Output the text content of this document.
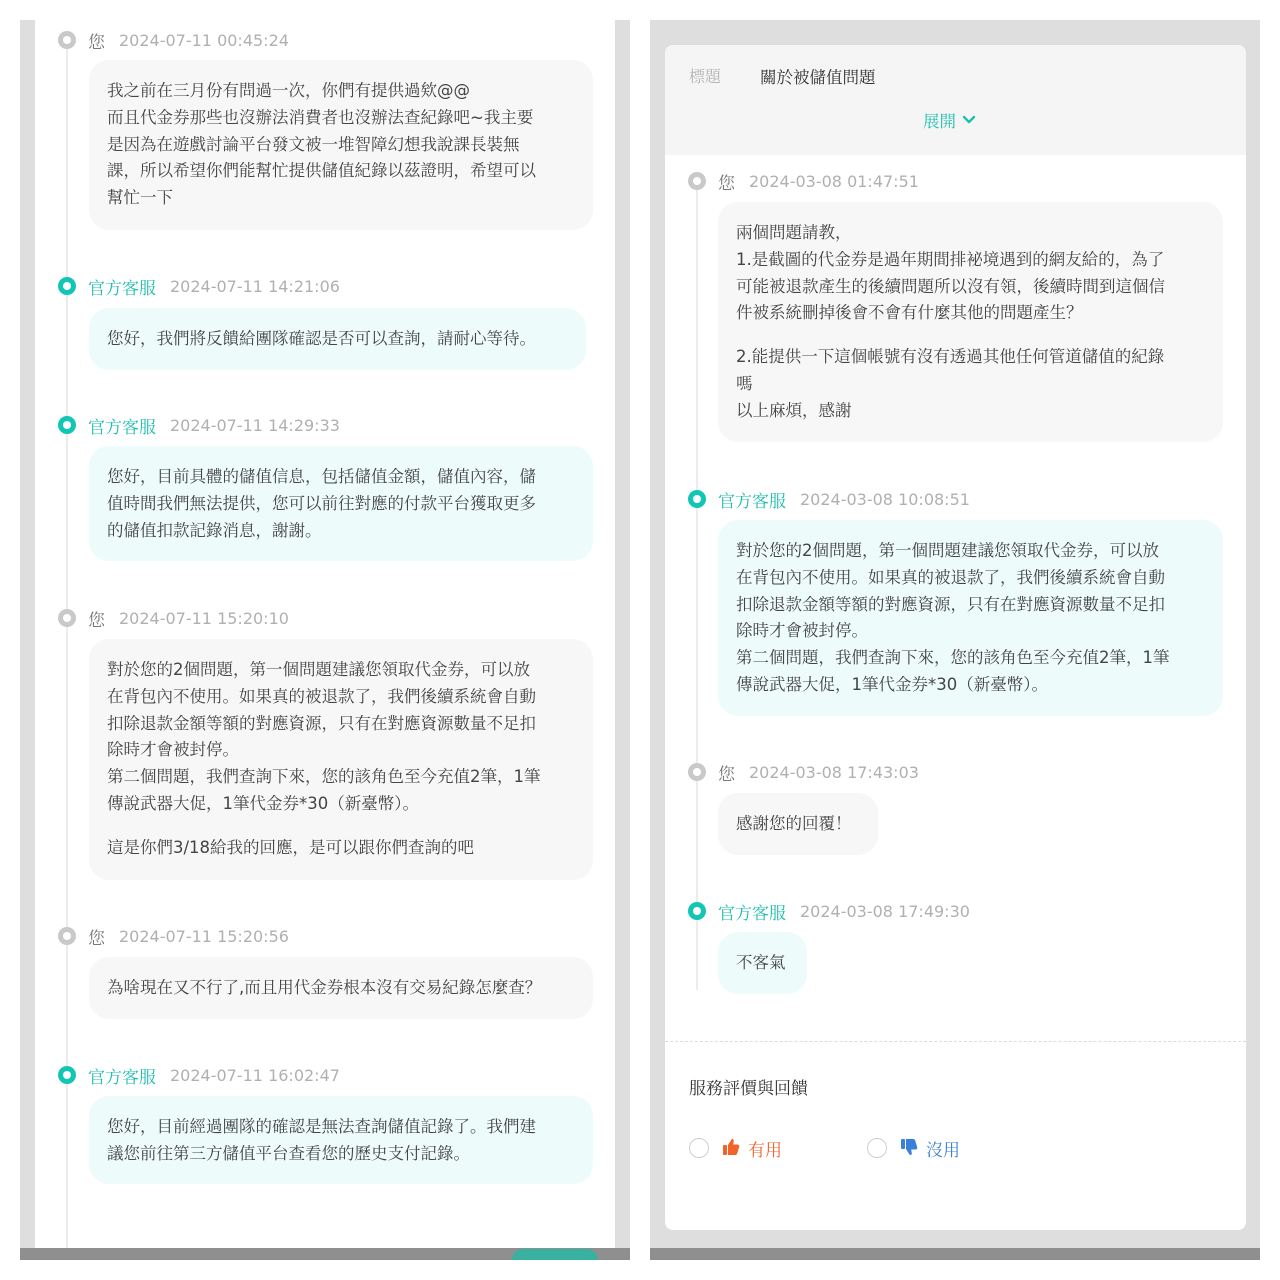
您 2024-07-11 00:45:24

我之前在三月份有問過一次，你們有提供過欸@@
而且代金券那些也沒辦法消費者也沒辦法查紀錄吧~我主要
是因為在遊戲討論平台發文被一堆智障幻想我說課長裝無
課，所以希望你們能幫忙提供儲值紀錄以茲證明，希望可以
幫忙一下

官方客服 2024-07-11 14:21:06

您好，我們將反饋給團隊確認是否可以查詢，請耐心等待。

官方客服 2024-07-11 14:29:33

您好，目前具體的儲值信息，包括儲值金額，儲值內容，儲
值時間我們無法提供，您可以前往對應的付款平台獲取更多
的儲值扣款記錄消息，謝謝。

您 2024-07-11 15:20:10

對於您的2個問題，第一個問題建議您領取代金券，可以放
在背包內不使用。如果真的被退款了，我們後續系統會自動
扣除退款金額等額的對應資源，只有在對應資源數量不足扣
除時才會被封停。
第二個問題，我們查詢下來，您的該角色至今充值2筆，1筆
傳說武器大促，1筆代金券*30（新臺幣）。

這是你們3/18給我的回應，是可以跟你們查詢的吧

您 2024-07-11 15:20:56

為啥現在又不行了,而且用代金券根本沒有交易紀錄怎麼查？

官方客服 2024-07-11 16:02:47

您好，目前經過團隊的確認是無法查詢儲值記錄了。我們建
議您前往第三方儲值平台查看您的歷史支付記錄。

標題 關於被儲值問題
展開
您 2024-03-08 01:47:51

兩個問題請教，
1.是截圖的代金券是過年期間排袐境遇到的網友給的，為了
可能被退款產生的後續問題所以沒有領，後續時間到這個信
件被系統刪掉後會不會有什麼其他的問題產生？

2.能提供一下這個帳號有沒有透過其他任何管道儲值的紀錄
嗎
以上麻煩，感謝

官方客服 2024-03-08 10:08:51

對於您的2個問題，第一個問題建議您領取代金券，可以放
在背包內不使用。如果真的被退款了，我們後續系統會自動
扣除退款金額等額的對應資源，只有在對應資源數量不足扣
除時才會被封停。
第二個問題，我們查詢下來，您的該角色至今充值2筆，1筆
傳說武器大促，1筆代金券*30（新臺幣）。

您 2024-03-08 17:43:03

感謝您的回覆！

官方客服 2024-03-08 17:49:30

不客氣

服務評價與回饋
有用	沒用
